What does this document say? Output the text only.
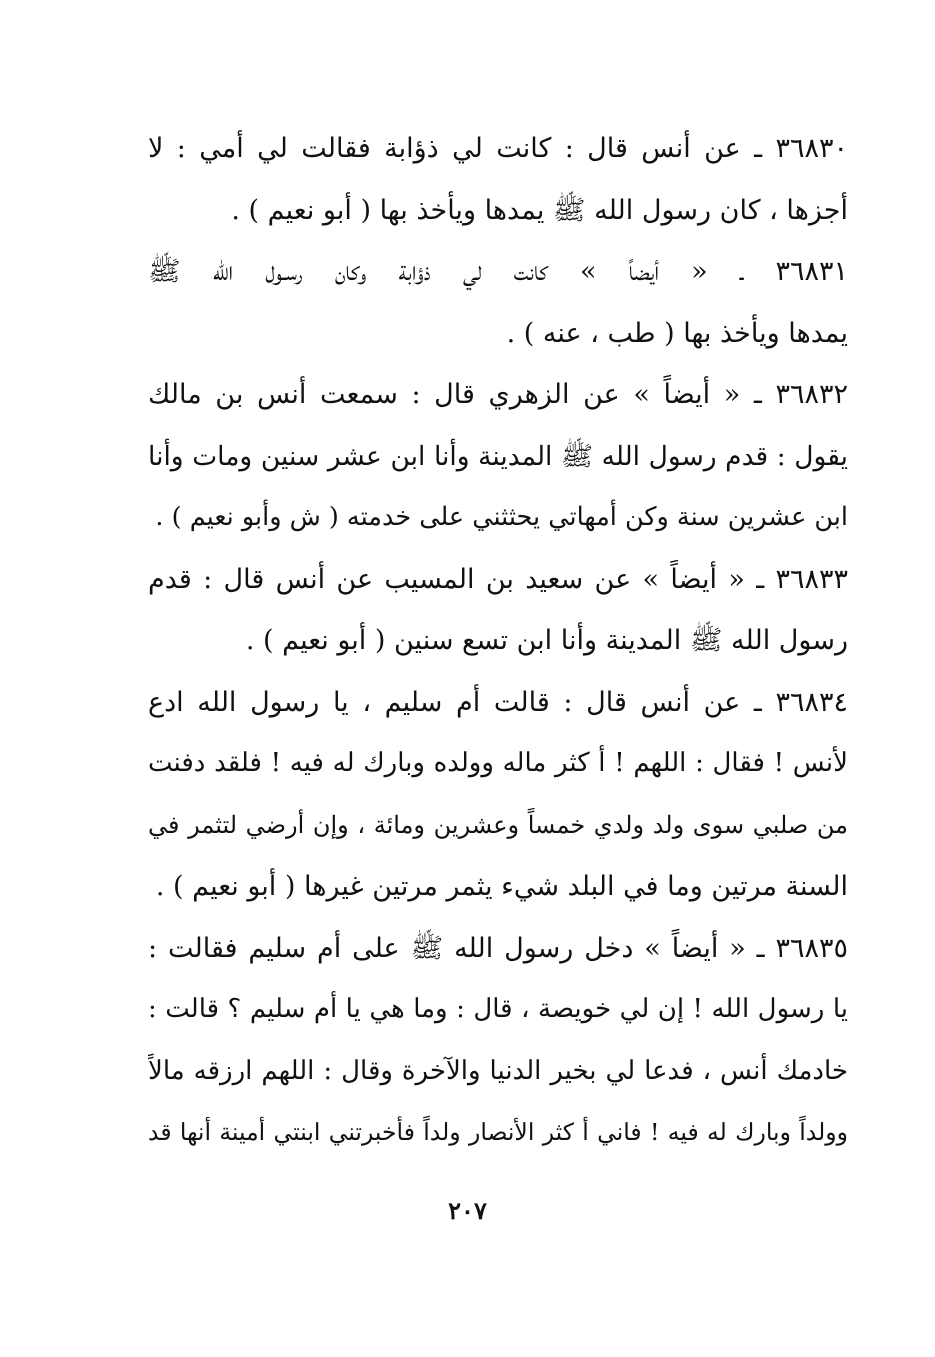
٣٦٨٣٠ ـ عن أنس قال : كانت لي ذؤابة فقالت لي أمي : لا
أجزها ، كان رسول الله ﷺ يمدها ويأخذ بها ( أبو نعيم ) .
٣٦٨٣١ ـ « أيضاً » كانت لي ذؤابة وكان رسـول الله ﷺ
يمدها ويأخذ بها ( طب ، عنه ) .
٣٦٨٣٢ ـ « أيضاً » عن الزهري قال : سمعت أنس بن مالك
يقول : قدم رسول الله ﷺ المدينة وأنا ابن عشر سنين ومات وأنا
ابن عشرين سنة وكن أمهاتي يحثثني على خدمته ( ش وأبو نعيم ) .
٣٦٨٣٣ ـ « أيضاً » عن سعيد بن المسيب عن أنس قال : قدم
رسول الله ﷺ المدينة وأنا ابن تسع سنين ( أبو نعيم ) .
٣٦٨٣٤ ـ عن أنس قال : قالت أم سليم ، يا رسول الله ادع
لأنس ! فقال : اللهم ! أ كثر ماله وولده وبارك له فيه ! فلقد دفنت
من صلبي سوى ولد ولدي خمساً وعشرين ومائة ، وإن أرضي لتثمر في
السنة مرتين وما في البلد شيء يثمر مرتين غيرها ( أبو نعيم ) .
٣٦٨٣٥ ـ « أيضاً » دخل رسول الله ﷺ على أم سليم فقالت :
يا رسول الله ! إن لي خويصة ، قال : وما هي يا أم سليم ؟ قالت :
خادمك أنس ، فدعا لي بخير الدنيا والآخرة وقال : اللهم ارزقه مالاً
وولداً وبارك له فيه ! فاني أ كثر الأنصار ولداً فأخبرتني ابنتي أمينة أنها قد
٢٠٧
